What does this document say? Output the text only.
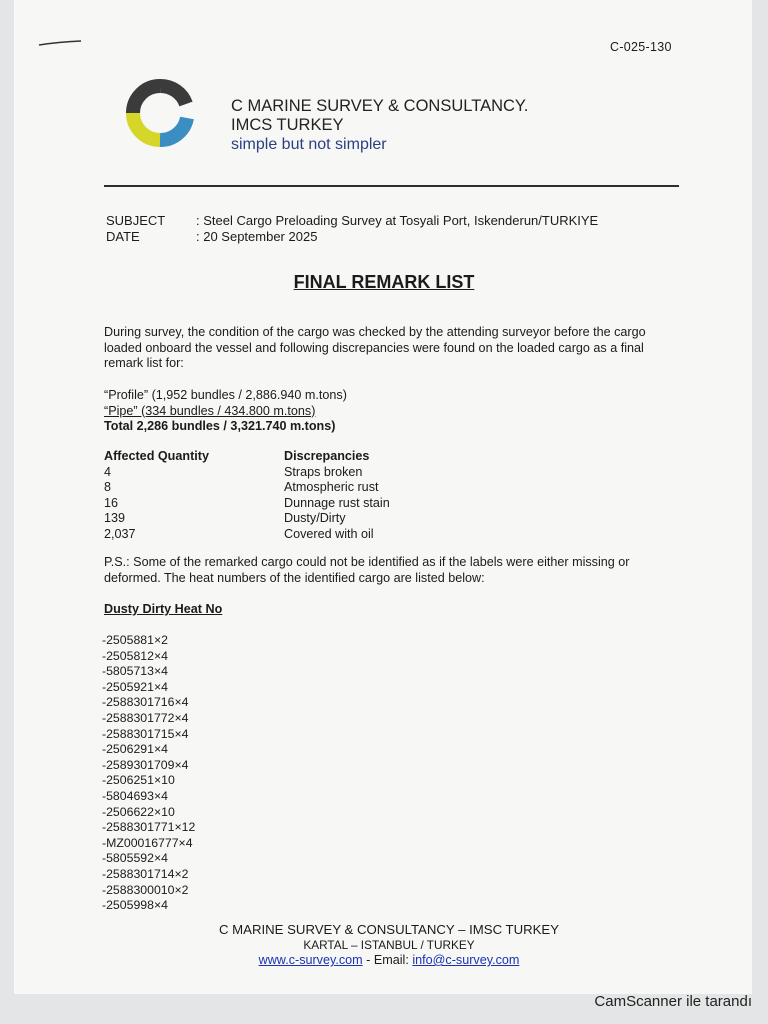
C-025-130
C MARINE SURVEY & CONSULTANCY.
IMCS TURKEY
simple but not simpler
SUBJECT : Steel Cargo Preloading Survey at Tosyali Port, Iskenderun/TURKIYE
DATE	: 20 September 2025
FINAL REMARK LIST
During survey, the condition of the cargo was checked by the attending surveyor before the cargo loaded onboard the vessel and following discrepancies were found on the loaded cargo as a final remark list for:
“Profile” (1,952 bundles / 2,886.940 m.tons)
“Pipe” (334 bundles / 434.800 m.tons)
Total 2,286 bundles / 3,321.740 m.tons)
Affected Quantity	Discrepancies
4	Straps broken
8	Atmospheric rust
16	Dunnage rust stain
139	Dusty/Dirty
2,037	Covered with oil
P.S.: Some of the remarked cargo could not be identified as if the labels were either missing or deformed. The heat numbers of the identified cargo are listed below:
Dusty Dirty Heat No
-2505881×2
-2505812×4
-5805713×4
-2505921×4
-2588301716×4
-2588301772×4
-2588301715×4
-2506291×4
-2589301709×4
-2506251×10
-5804693×4
-2506622×10
-2588301771×12
-MZ00016777×4
-5805592×4
-2588301714×2
-2588300010×2
-2505998×4
C MARINE SURVEY & CONSULTANCY – IMSC TURKEY
KARTAL – ISTANBUL / TURKEY
www.c-survey.com - Email: info@c-survey.com
CamScanner ile tarandı
